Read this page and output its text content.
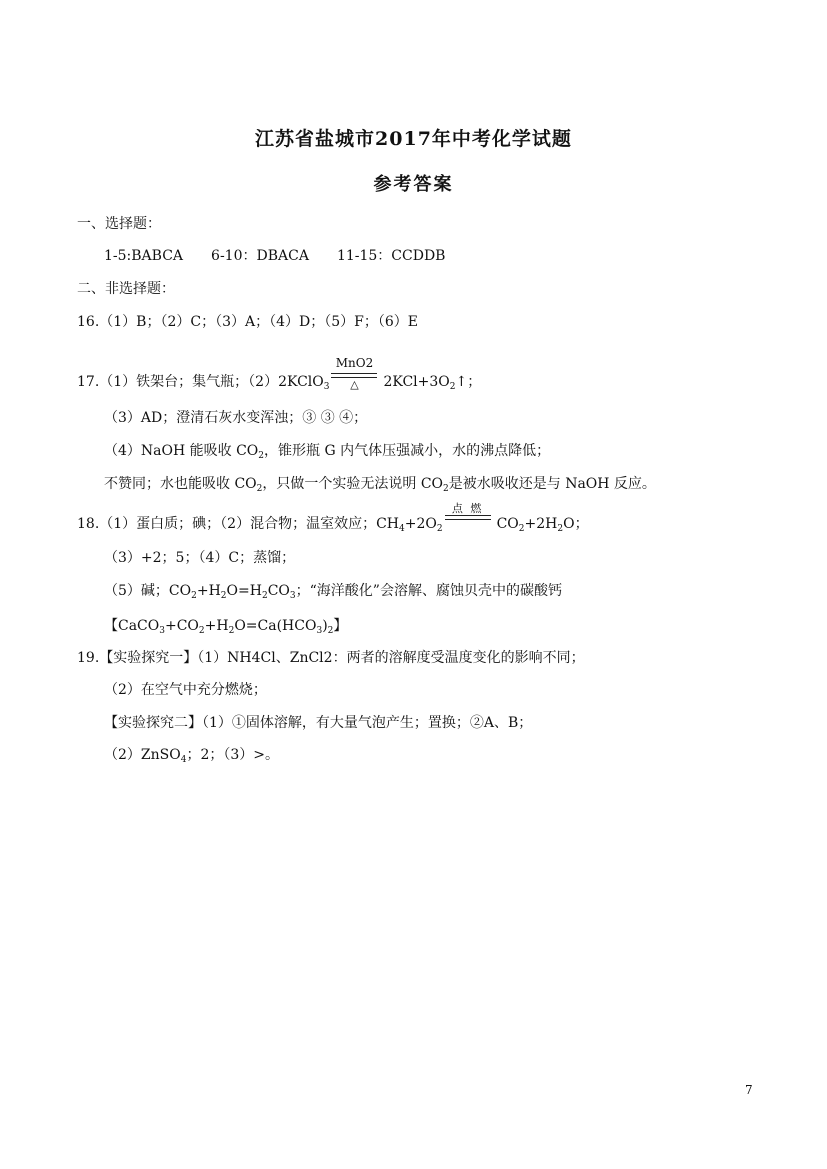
江苏省盐城市2017年中考化学试题
参考答案
一、选择题：
1-5:BABCA 6-10：DBACA 11-15：CCDDB
二、非选择题：
16.（1）B；（2）C；（3）A；（4）D；（5）F；（6）E
17.（1）铁架台；集气瓶；（2）2KClO$_3$
MnO2
△	$2KCl+3O_2↑$；
（3）AD；澄清石灰水变浑浊；③ ③ ④；
（4）NaOH 能吸收 $CO_2$，锥形瓶 G 内气体压强减小，水的沸点降低；
不赞同；水也能吸收 $CO_2$，只做一个实验无法说明 $CO_2$是被水吸收还是与 NaOH 反应。
18.（1）蛋白质；碘；（2）混合物；温室效应；$CH_4+2O_2$
点 燃
$CO_2+2H_2O$；
（3）+2；5；（4）C；蒸馏；
（5）碱；$CO_2+H_2O=H_2CO_3$；“海洋酸化”会溶解、腐蚀贝壳中的碳酸钙
【$CaCO_3+CO_2+H_2O=Ca(HCO_3)_2$】
19.【实验探究一】（1）NH4Cl、ZnCl2：两者的溶解度受温度变化的影响不同；
（2）在空气中充分燃烧；
【实验探究二】（1）①固体溶解，有大量气泡产生；置换；②A、B；
（2）ZnSO$_4$；2；（3）>。
7
